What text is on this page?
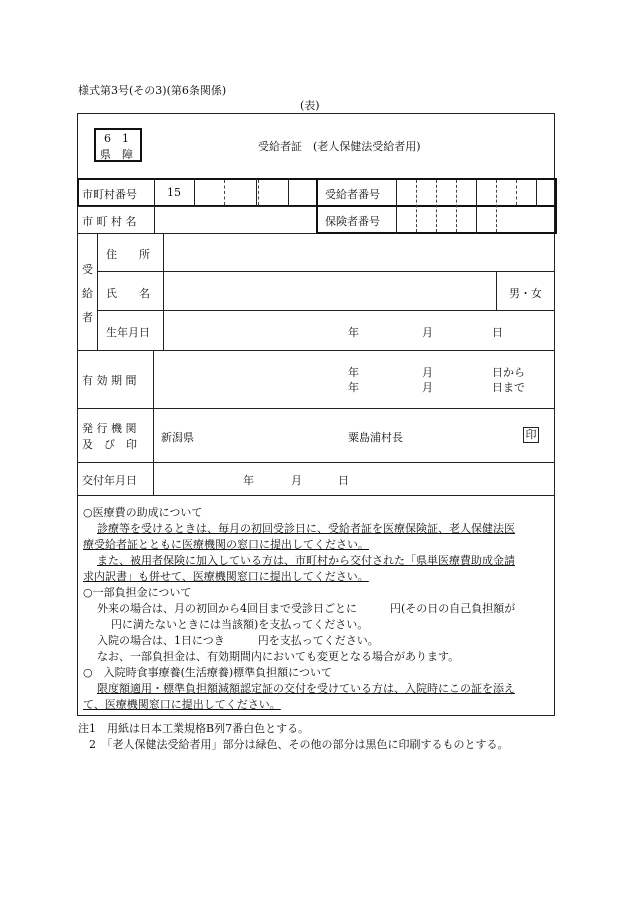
様式第3号(その3)(第6条関係)
(表)
6　1
県　障
受給者証　(老人保健法受給者用)
市町村番号	15	受給者番号
市 町 村 名	保険者番号
受
給
者
住　　所
氏　　名	男・女
生年月日	年	月	日
有 効 期 間
年	月	日から
年	月	日まで
発 行 機 関
及　び　印
新潟県	粟島浦村長	印
交付年月日	年	月	日
○医療費の助成について
診療等を受けるときは、毎月の初回受診日に、受給者証を医療保険証、老人保健法医
療受給者証とともに医療機関の窓口に提出してください。
また、被用者保険に加入している方は、市町村から交付された「県単医療費助成金請
求内訳書」も併せて、医療機関窓口に提出してください。
○一部負担金について
外来の場合は、月の初回から4回目まで受診日ごとに　　　円(その日の自己負担額が
円に満たないときには当該額)を支払ってください。
入院の場合は、1日につき　　　円を支払ってください。
なお、一部負担金は、有効期間内においても変更となる場合があります。
○　入院時食事療養(生活療養)標準負担額について
限度額適用・標準負担額減額認定証の交付を受けている方は、入院時にこの証を添え
て、医療機関窓口に提出してください。
注1　用紙は日本工業規格B列7番白色とする。
　2　「老人保健法受給者用」部分は緑色、その他の部分は黒色に印刷するものとする。
